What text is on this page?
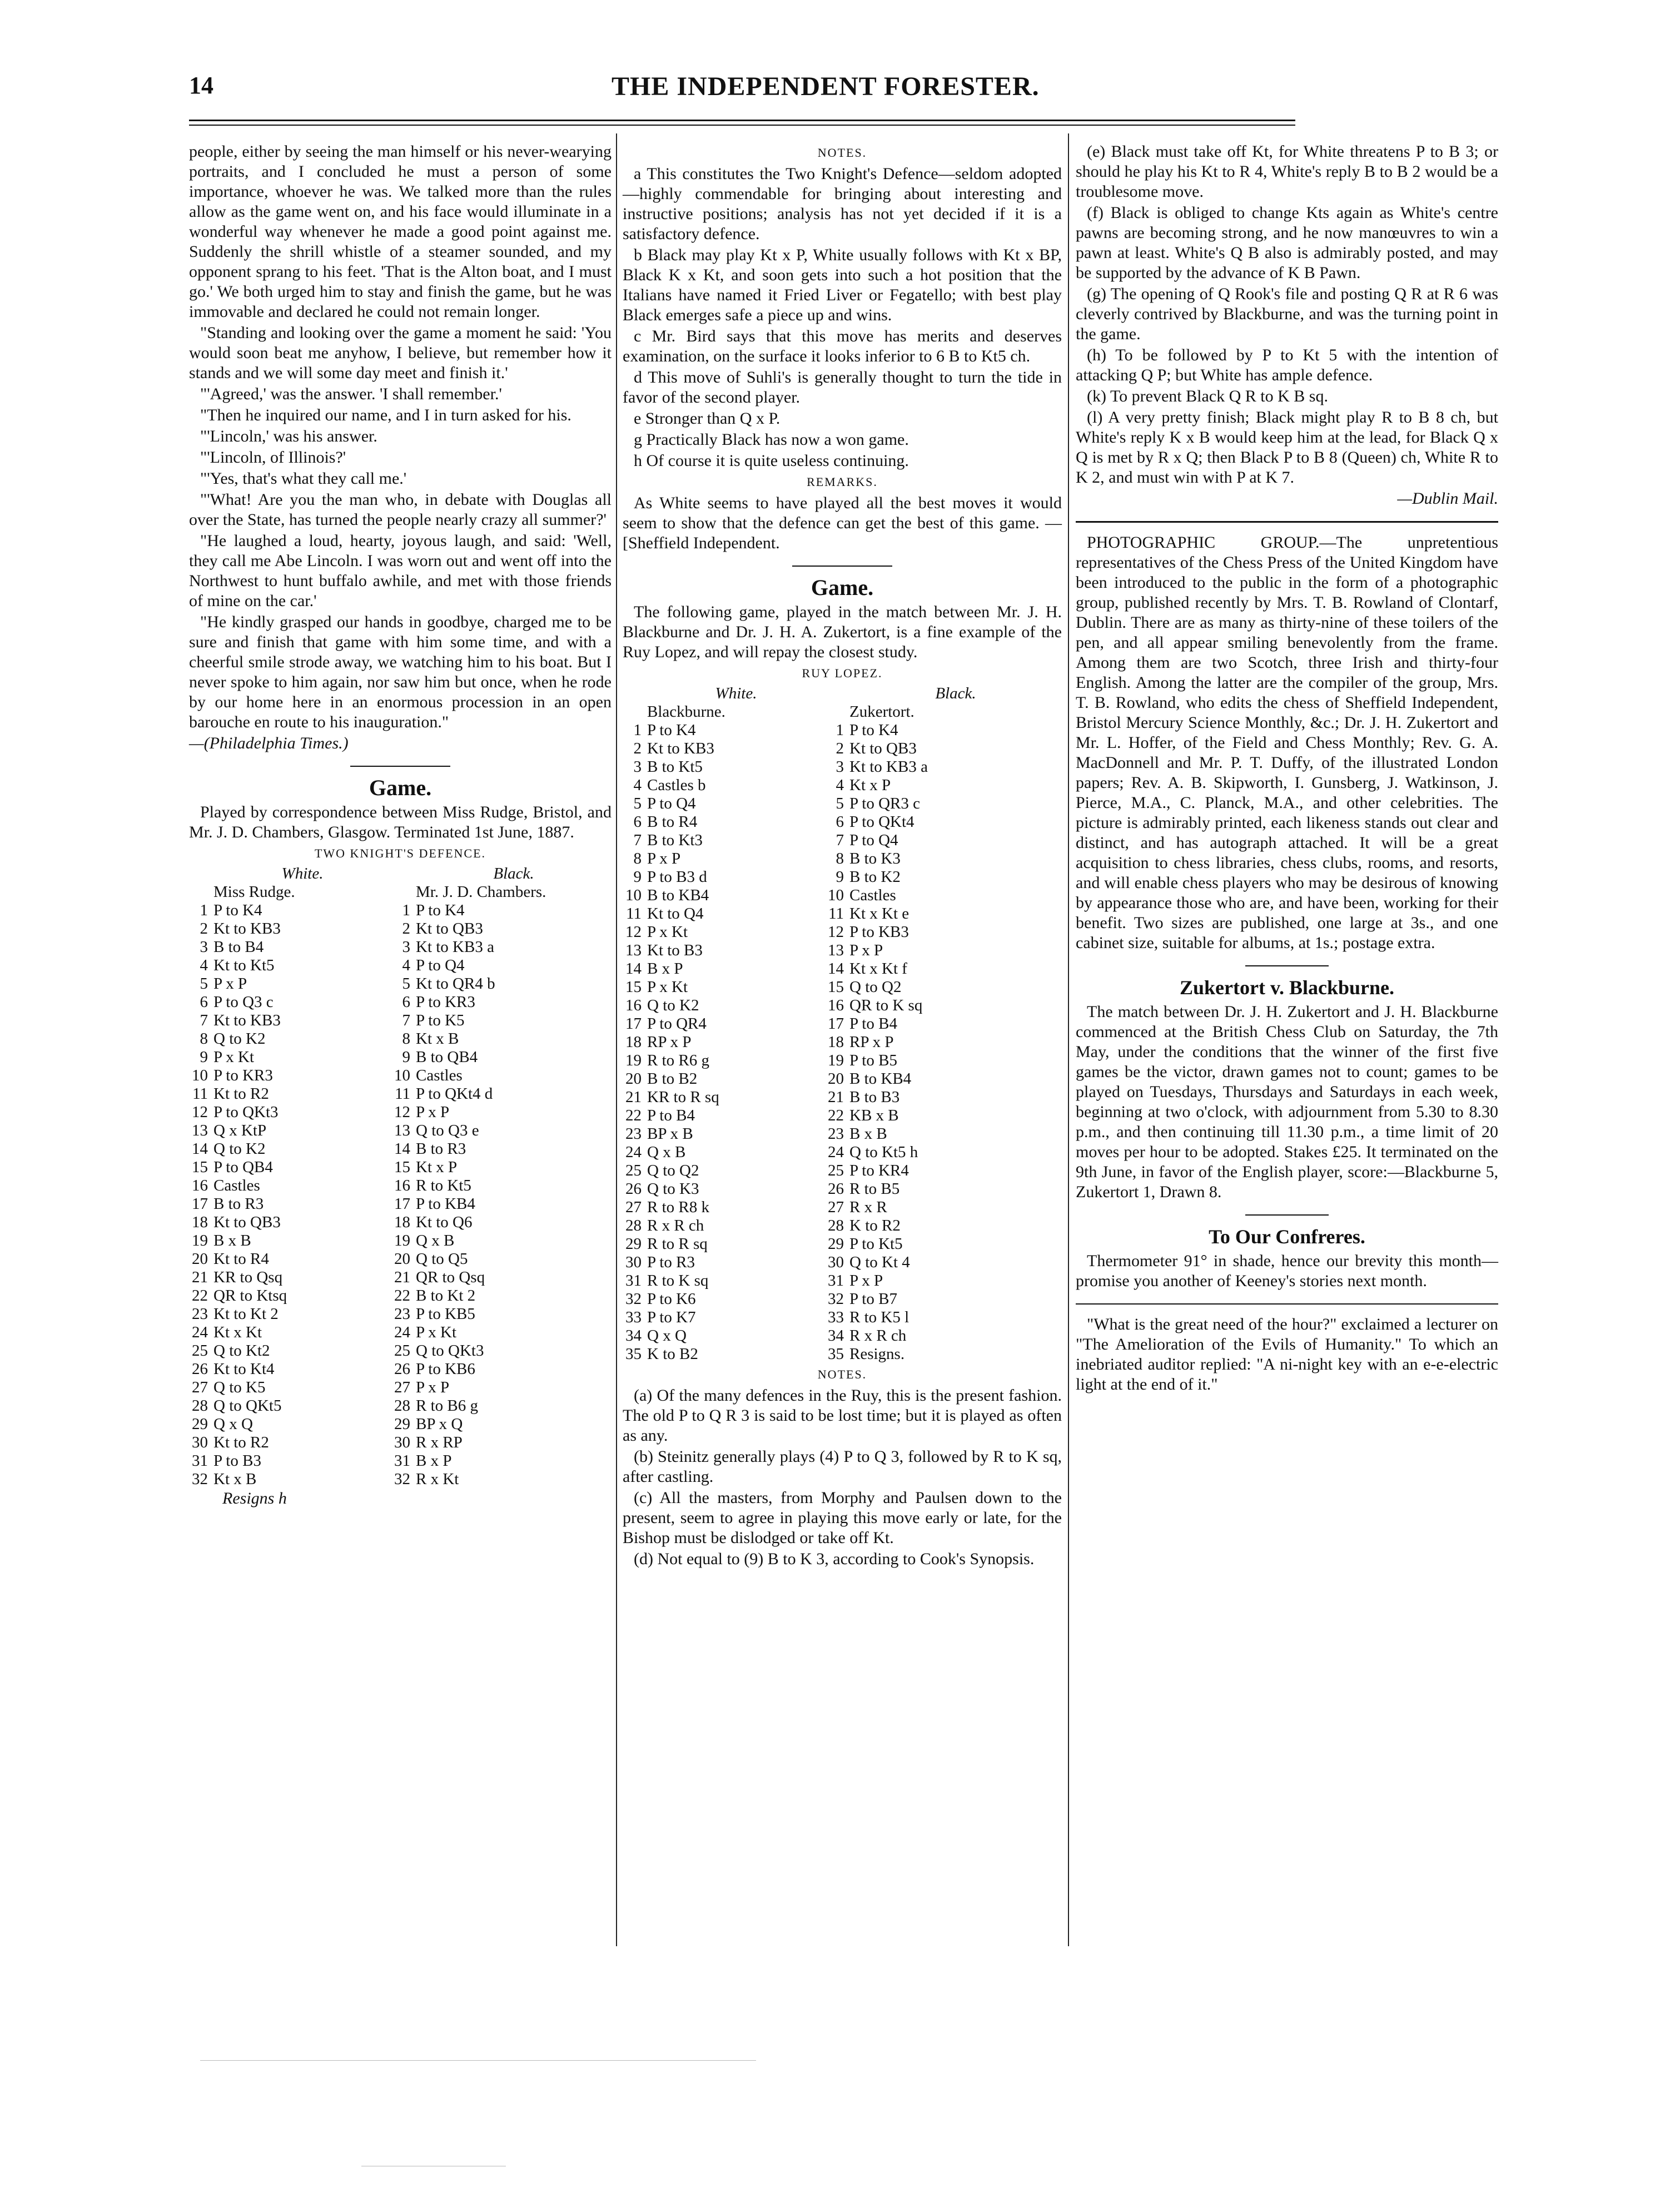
14	THE INDEPENDENT FORESTER.

people, either by seeing the man himself or his never-wearying portraits, and I concluded he must a person of some importance, whoever he was. We talked more than the rules allow as the game went on, and his face would illuminate in a wonderful way whenever he made a good point against me. Suddenly the shrill whistle of a steamer sounded, and my opponent sprang to his feet. 'That is the Alton boat, and I must go.' We both urged him to stay and finish the game, but he was immovable and declared he could not remain longer.

"Standing and looking over the game a moment he said: 'You would soon beat me anyhow, I believe, but remember how it stands and we will some day meet and finish it.'

"'Agreed,' was the answer. 'I shall remember.'

"Then he inquired our name, and I in turn asked for his.

"'Lincoln,' was his answer.

"'Lincoln, of Illinois?'

"'Yes, that's what they call me.'

"'What! Are you the man who, in debate with Douglas all over the State, has turned the people nearly crazy all summer?'

"He laughed a loud, hearty, joyous laugh, and said: 'Well, they call me Abe Lincoln. I was worn out and went off into the Northwest to hunt buffalo awhile, and met with those friends of mine on the car.'

"He kindly grasped our hands in goodbye, charged me to be sure and finish that game with him some time, and with a cheerful smile strode away, we watching him to his boat. But I never spoke to him again, nor saw him but once, when he rode by our home here in an enormous procession in an open barouche en route to his inauguration."

—(Philadelphia Times.)

Game.

Played by correspondence between Miss Rudge, Bristol, and Mr. J. D. Chambers, Glasgow. Terminated 1st June, 1887.

TWO KNIGHT'S DEFENCE.
	White.		Black.
	Miss Rudge.		Mr. J. D. Chambers.
1	P to K4	1	P to K4
2	Kt to KB3	2	Kt to QB3
3	B to B4	3	Kt to KB3 a
4	Kt to Kt5	4	P to Q4
5	P x P	5	Kt to QR4 b
6	P to Q3 c	6	P to KR3
7	Kt to KB3	7	P to K5
8	Q to K2	8	Kt x B
9	P x Kt	9	B to QB4
10	P to KR3	10	Castles
11	Kt to R2	11	P to QKt4 d
12	P to QKt3	12	P x P
13	Q x KtP	13	Q to Q3 e
14	Q to K2	14	B to R3
15	P to QB4	15	Kt x P
16	Castles	16	R to Kt5
17	B to R3	17	P to KB4
18	Kt to QB3	18	Kt to Q6
19	B x B	19	Q x B
20	Kt to R4	20	Q to Q5
21	KR to Qsq	21	QR to Qsq
22	QR to Ktsq	22	B to Kt 2
23	Kt to Kt 2	23	P to KB5
24	Kt x Kt	24	P x Kt
25	Q to Kt2	25	Q to QKt3
26	Kt to Kt4	26	P to KB6
27	Q to K5	27	P x P
28	Q to QKt5	28	R to B6 g
29	Q x Q	29	BP x Q
30	Kt to R2	30	R x RP
31	P to B3	31	B x P
32	Kt x B	32	R x Kt

Resigns h

NOTES.

a This constitutes the Two Knight's Defence—seldom adopted—highly commendable for bringing about interesting and instructive positions; analysis has not yet decided if it is a satisfactory defence.

b Black may play Kt x P, White usually follows with Kt x BP, Black K x Kt, and soon gets into such a hot position that the Italians have named it Fried Liver or Fegatello; with best play Black emerges safe a piece up and wins.

c Mr. Bird says that this move has merits and deserves examination, on the surface it looks inferior to 6 B to Kt5 ch.

d This move of Suhli's is generally thought to turn the tide in favor of the second player.

e Stronger than Q x P.

g Practically Black has now a won game.

h Of course it is quite useless continuing.

REMARKS.

As White seems to have played all the best moves it would seem to show that the defence can get the best of this game. —[Sheffield Independent.

Game.

The following game, played in the match between Mr. J. H. Blackburne and Dr. J. H. A. Zukertort, is a fine example of the Ruy Lopez, and will repay the closest study.

RUY LOPEZ.
	White.		Black.
	Blackburne.		Zukertort.
1	P to K4	1	P to K4
2	Kt to KB3	2	Kt to QB3
3	B to Kt5	3	Kt to KB3 a
4	Castles b	4	Kt x P
5	P to Q4	5	P to QR3 c
6	B to R4	6	P to QKt4
7	B to Kt3	7	P to Q4
8	P x P	8	B to K3
9	P to B3 d	9	B to K2
10	B to KB4	10	Castles
11	Kt to Q4	11	Kt x Kt e
12	P x Kt	12	P to KB3
13	Kt to B3	13	P x P
14	B x P	14	Kt x Kt f
15	P x Kt	15	Q to Q2
16	Q to K2	16	QR to K sq
17	P to QR4	17	P to B4
18	RP x P	18	RP x P
19	R to R6 g	19	P to B5
20	B to B2	20	B to KB4
21	KR to R sq	21	B to B3
22	P to B4	22	KB x B
23	BP x B	23	B x B
24	Q x B	24	Q to Kt5 h
25	Q to Q2	25	P to KR4
26	Q to K3	26	R to B5
27	R to R8 k	27	R x R
28	R x R ch	28	K to R2
29	R to R sq	29	P to Kt5
30	P to R3	30	Q to Kt 4
31	R to K sq	31	P x P
32	P to K6	32	P to B7
33	P to K7	33	R to K5 l
34	Q x Q	34	R x R ch
35	K to B2	35	Resigns.
NOTES.

(a) Of the many defences in the Ruy, this is the present fashion. The old P to Q R 3 is said to be lost time; but it is played as often as any.

(b) Steinitz generally plays (4) P to Q 3, followed by R to K sq, after castling.

(c) All the masters, from Morphy and Paulsen down to the present, seem to agree in playing this move early or late, for the Bishop must be dislodged or take off Kt.

(d) Not equal to (9) B to K 3, according to Cook's Synopsis.

(e) Black must take off Kt, for White threatens P to B 3; or should he play his Kt to R 4, White's reply B to B 2 would be a troublesome move.

(f) Black is obliged to change Kts again as White's centre pawns are becoming strong, and he now manœuvres to win a pawn at least. White's Q B also is admirably posted, and may be supported by the advance of K B Pawn.

(g) The opening of Q Rook's file and posting Q R at R 6 was cleverly contrived by Blackburne, and was the turning point in the game.

(h) To be followed by P to Kt 5 with the intention of attacking Q P; but White has ample defence.

(k) To prevent Black Q R to K B sq.

(l) A very pretty finish; Black might play R to B 8 ch, but White's reply K x B would keep him at the lead, for Black Q x Q is met by R x Q; then Black P to B 8 (Queen) ch, White R to K 2, and must win with P at K 7.

—Dublin Mail.

PHOTOGRAPHIC GROUP.—The unpretentious representatives of the Chess Press of the United Kingdom have been introduced to the public in the form of a photographic group, published recently by Mrs. T. B. Rowland of Clontarf, Dublin. There are as many as thirty-nine of these toilers of the pen, and all appear smiling benevolently from the frame. Among them are two Scotch, three Irish and thirty-four English. Among the latter are the compiler of the group, Mrs. T. B. Rowland, who edits the chess of Sheffield Independent, Bristol Mercury Science Monthly, &c.; Dr. J. H. Zukertort and Mr. L. Hoffer, of the Field and Chess Monthly; Rev. G. A. MacDonnell and Mr. P. T. Duffy, of the illustrated London papers; Rev. A. B. Skipworth, I. Gunsberg, J. Watkinson, J. Pierce, M.A., C. Planck, M.A., and other celebrities. The picture is admirably printed, each likeness stands out clear and distinct, and has autograph attached. It will be a great acquisition to chess libraries, chess clubs, rooms, and resorts, and will enable chess players who may be desirous of knowing by appearance those who are, and have been, working for their benefit. Two sizes are published, one large at 3s., and one cabinet size, suitable for albums, at 1s.; postage extra.

Zukertort v. Blackburne.

The match between Dr. J. H. Zukertort and J. H. Blackburne commenced at the British Chess Club on Saturday, the 7th May, under the conditions that the winner of the first five games be the victor, drawn games not to count; games to be played on Tuesdays, Thursdays and Saturdays in each week, beginning at two o'clock, with adjournment from 5.30 to 8.30 p.m., and then continuing till 11.30 p.m., a time limit of 20 moves per hour to be adopted. Stakes £25. It terminated on the 9th June, in favor of the English player, score:—Blackburne 5, Zukertort 1, Drawn 8.

To Our Confreres.

Thermometer 91° in shade, hence our brevity this month—promise you another of Keeney's stories next month.

"What is the great need of the hour?" exclaimed a lecturer on "The Amelioration of the Evils of Humanity." To which an inebriated auditor replied: "A ni-night key with an e-e-electric light at the end of it."
